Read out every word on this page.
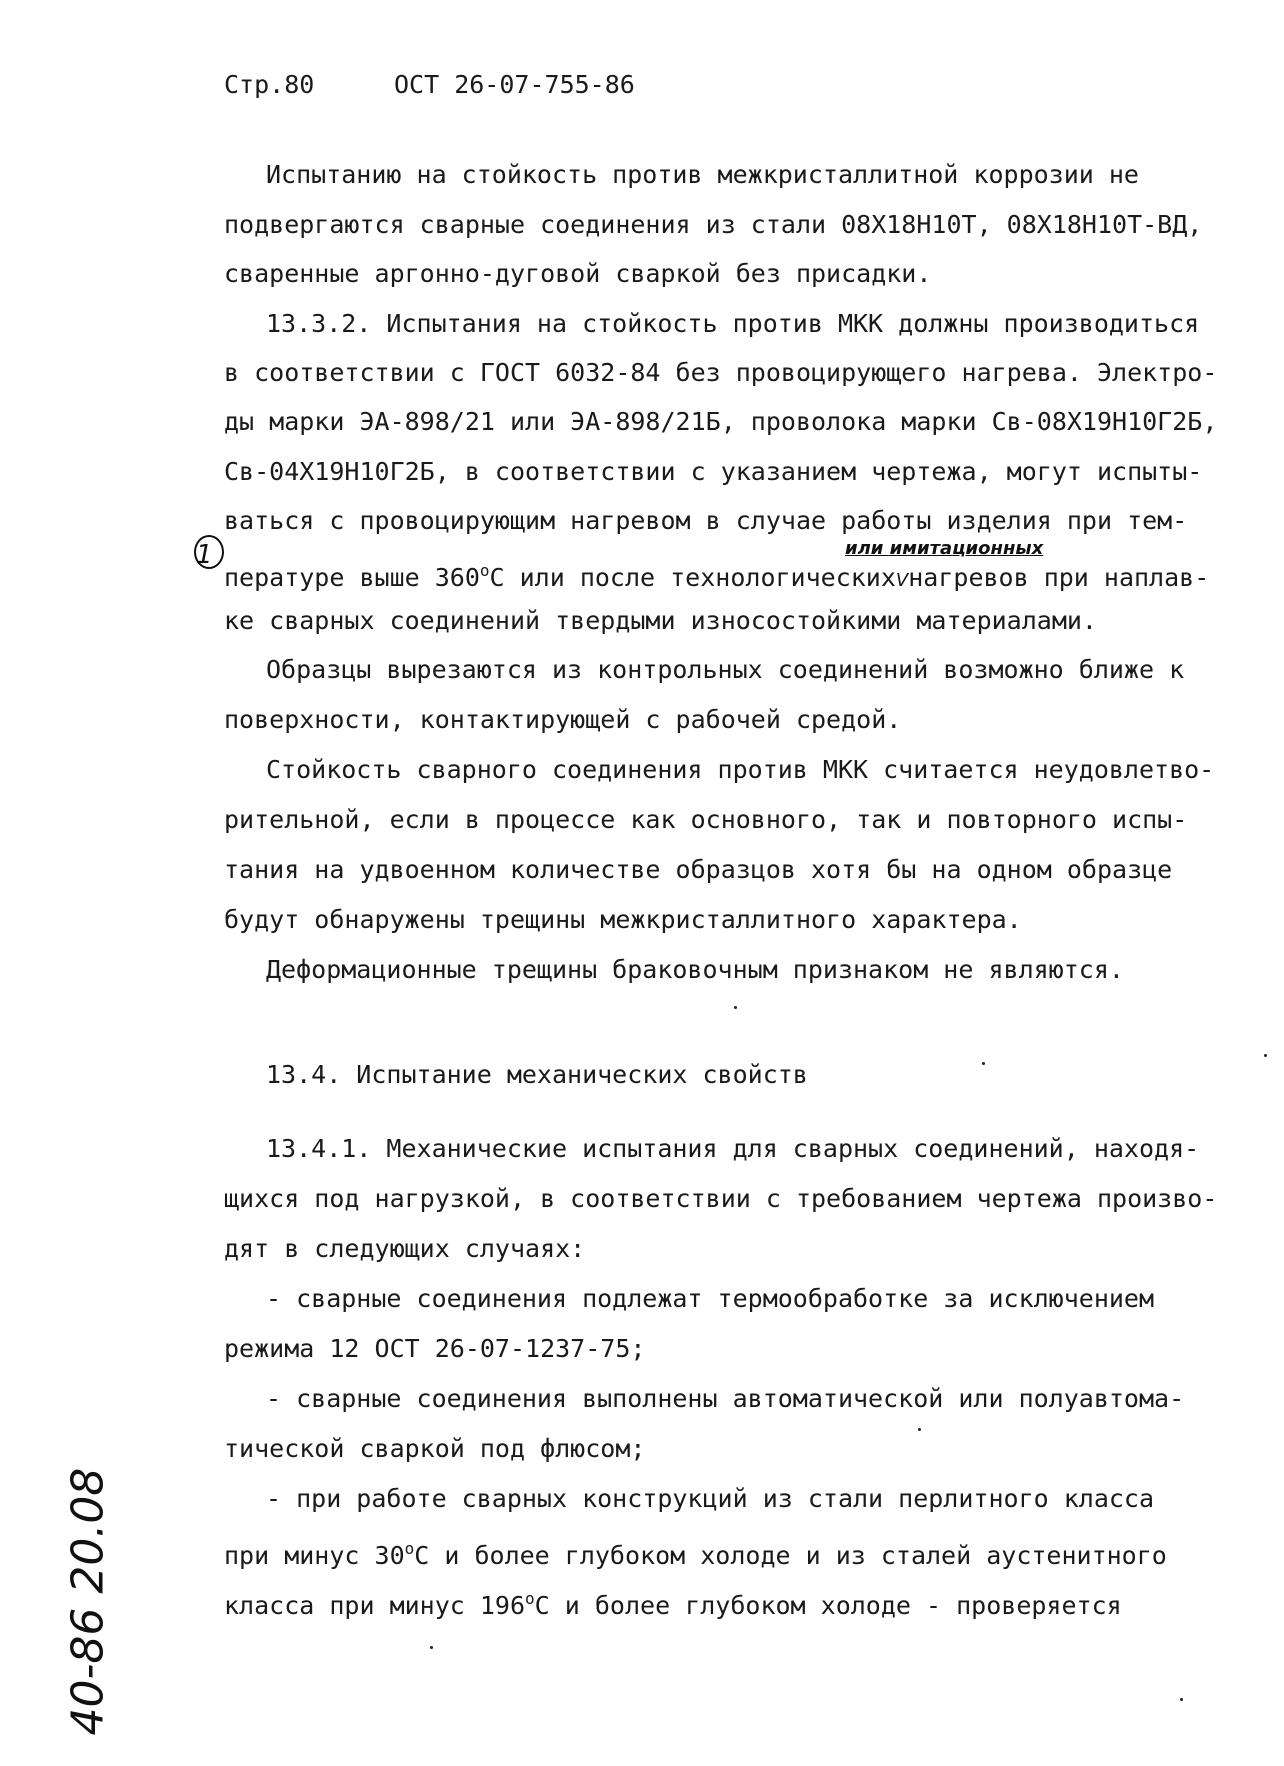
Стр.80	ОСТ 26-07-755-86
Испытанию на стойкость против межкристаллитной коррозии не
подвергаются сварные соединения из стали 08Х18Н10Т, 08Х18Н10Т-ВД,
сваренные аргонно-дуговой сваркой без присадки.
13.3.2. Испытания на стойкость против МКК должны производиться
в соответствии с ГОСТ 6032-84 без провоцирующего нагрева. Электро-
ды марки ЭА-898/21 или ЭА-898/21Б, проволока марки Св-08Х19Н10Г2Б,
Св-04Х19Н10Г2Б, в соответствии с указанием чертежа, могут испыты-
ваться с провоцирующим нагревом в случае работы изделия при тем-
или имитационных
1
пературе выше $360^оС$ или после технологическихVнагревов при наплав-
ке сварных соединений твердыми износостойкими материалами.
Образцы вырезаются из контрольных соединений возможно ближе к
поверхности, контактирующей с рабочей средой.
Стойкость сварного соединения против МКК считается неудовлетво-
рительной, если в процессе как основного, так и повторного испы-
тания на удвоенном количестве образцов хотя бы на одном образце
будут обнаружены трещины межкристаллитного характера.
Деформационные трещины браковочным признаком не являются.
13.4. Испытание механических свойств
13.4.1. Механические испытания для сварных соединений, находя-
щихся под нагрузкой, в соответствии с требованием чертежа произво-
дят в следующих случаях:
- сварные соединения подлежат термообработке за исключением
режима 12 ОСТ 26-07-1237-75;
- сварные соединения выполнены автоматической или полуавтома-
тической сваркой под флюсом;
- при работе сварных конструкций из стали перлитного класса
при минус $30^оС$ и более глубоком холоде и из сталей аустенитного
класса при минус $196^оС$ и более глубоком холоде - проверяется
40-86 20.08
